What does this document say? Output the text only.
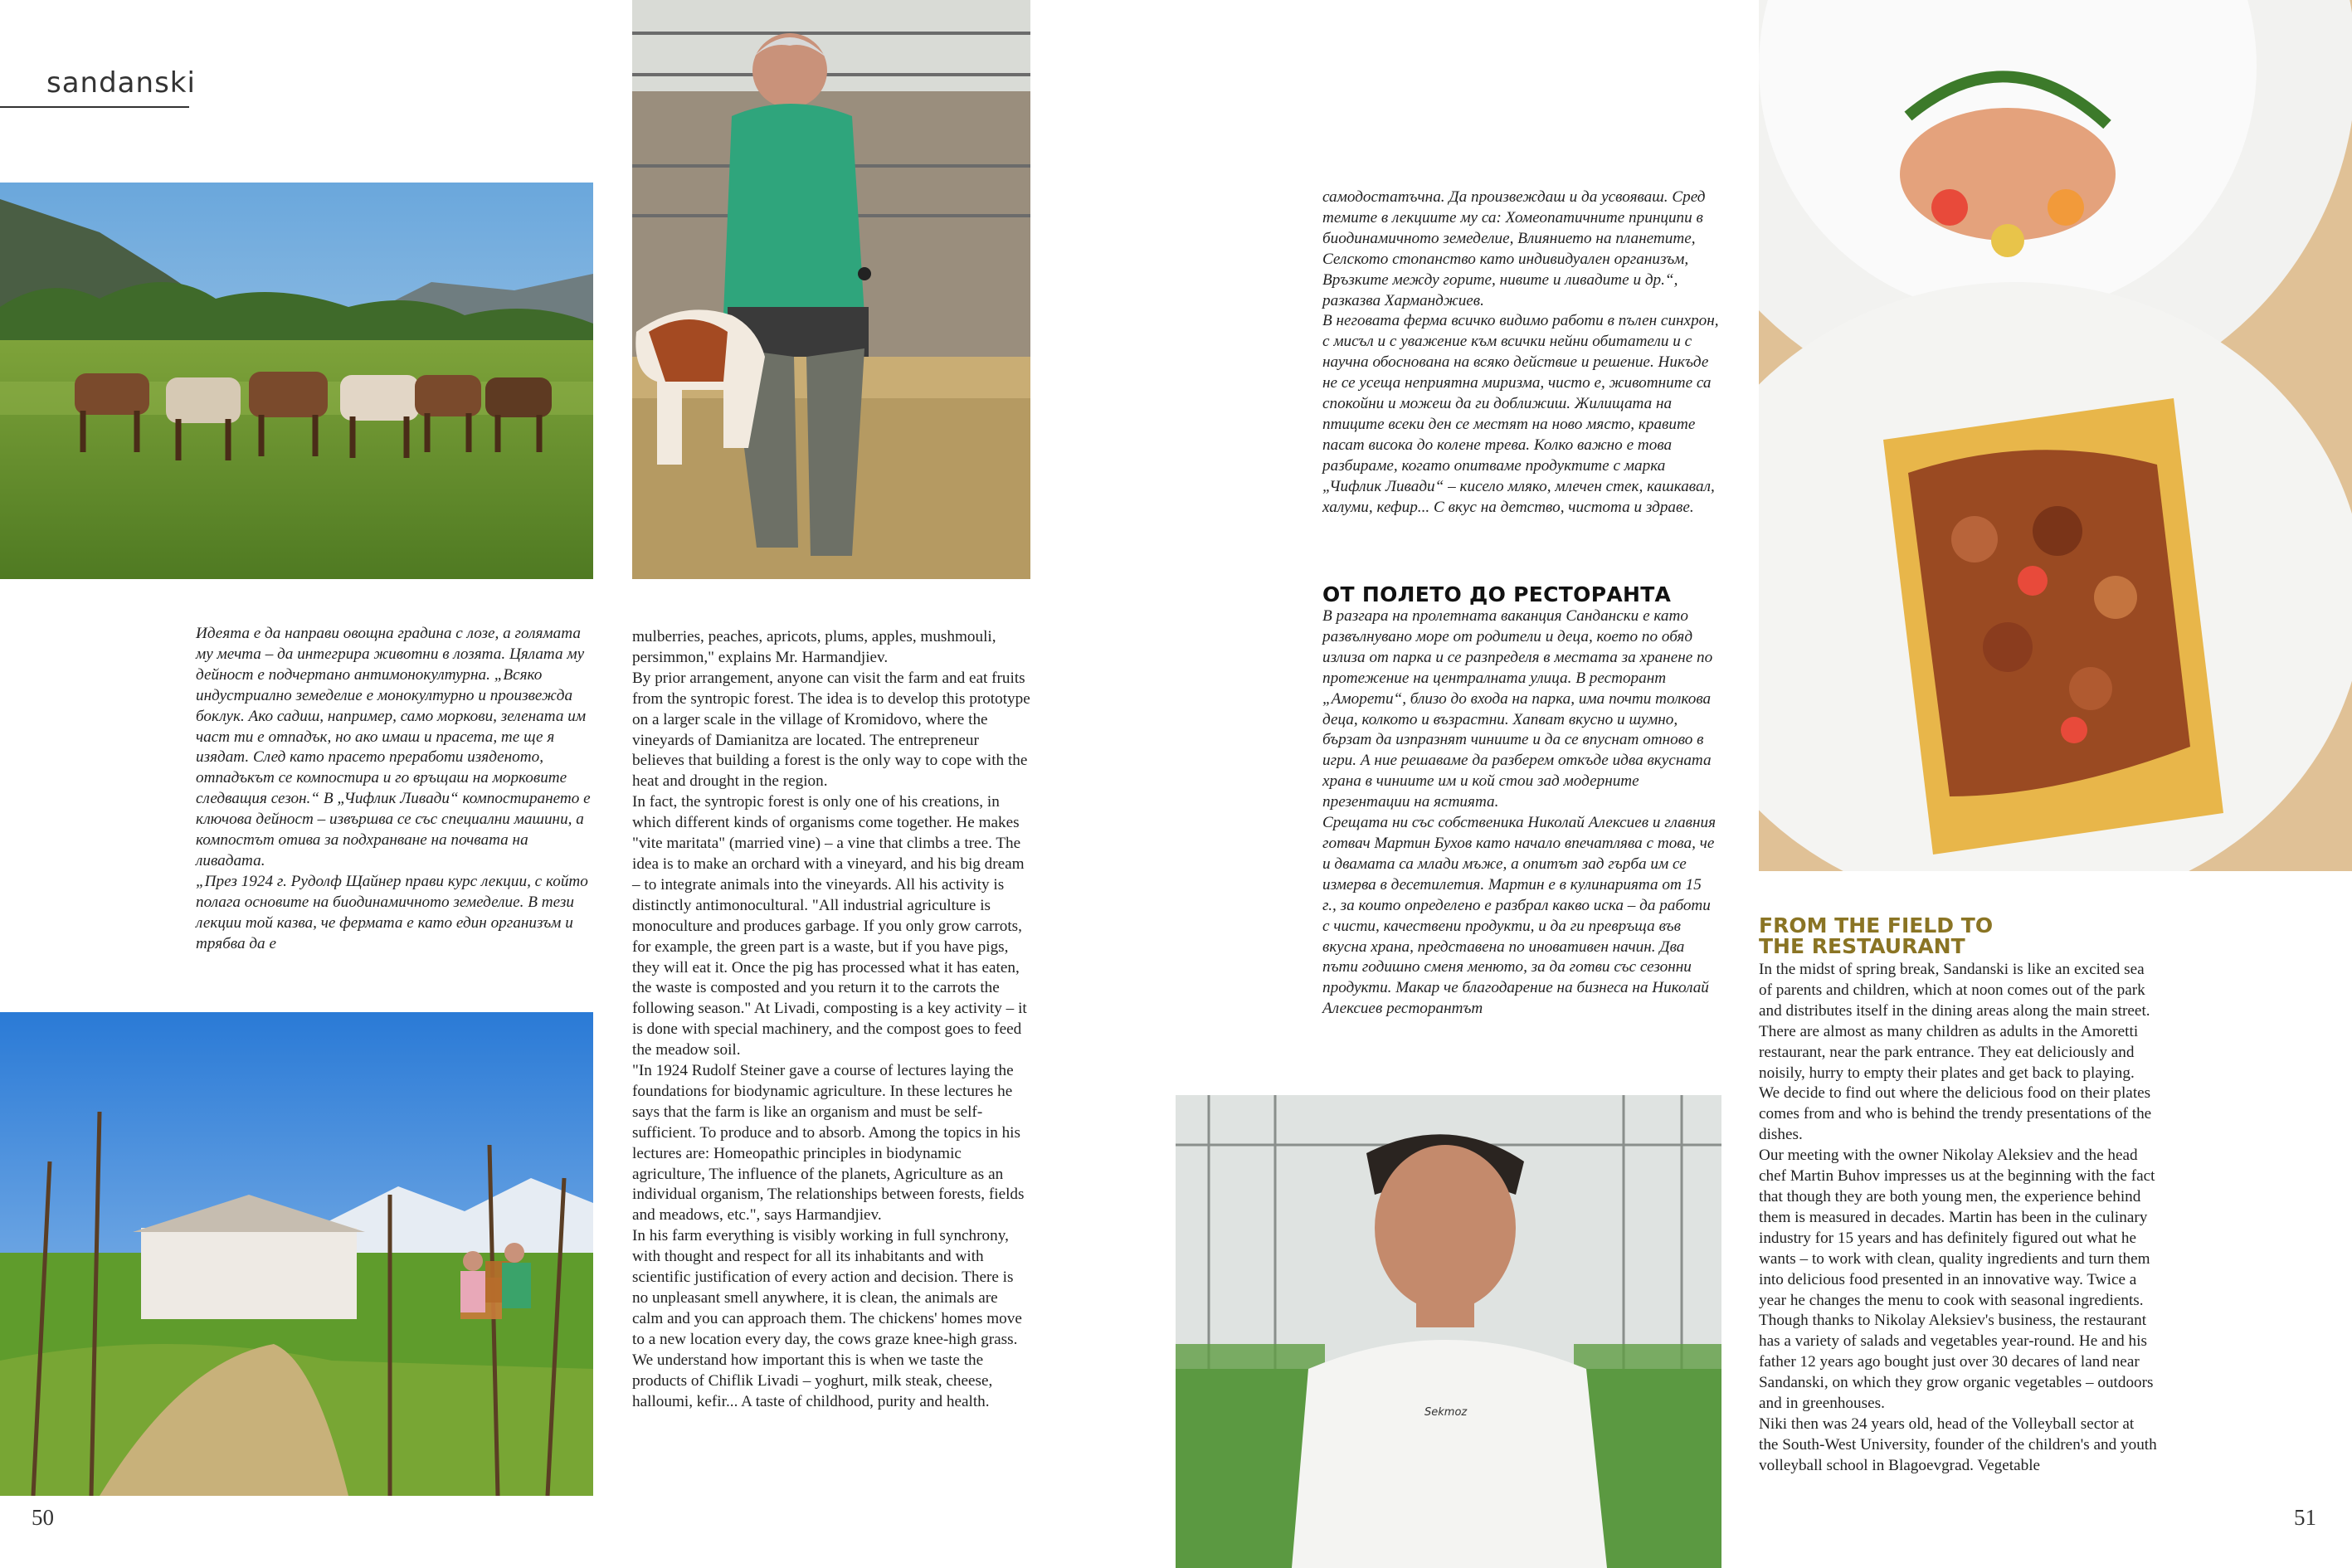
sandanski
Sekmoz

Идеята е да направи овощна градина с лозе, а голямата му мечта – да интегрира животни в лозята. Цялата му дейност е подчертано антимонокултурна. „Всяко индустриално земеделие е монокултурно и произвежда боклук. Ако садиш, например, само моркови, зелената им част ти е отпадък, но ако имаш и прасета, те ще я изядат. След като прасето преработи изяденото, отпадъкът се компостира и го връщаш на морковите следващия сезон.“ В „Чифлик Ливади“ компостирането е ключова дейност – извършва се със специални машини, а компостът отива за подхранване на почвата на ливадата.

„През 1924 г. Рудолф Щайнер прави курс лекции, с който полага основите на биодинамичното земеделие. В тези лекции той казва, че фермата е като един организъм и трябва да е

mulberries, peaches, apricots, plums, apples, mushmouli, persimmon," explains Mr. Harmandjiev.

By prior arrangement, anyone can visit the farm and eat fruits from the syntropic forest. The idea is to develop this prototype on a larger scale in the village of Kromidovo, where the vineyards of Damianitza are located. The entrepreneur believes that building a forest is the only way to cope with the heat and drought in the region.

In fact, the syntropic forest is only one of his creations, in which different kinds of organisms come together. He makes "vite maritata" (married vine) – a vine that climbs a tree. The idea is to make an orchard with a vineyard, and his big dream – to integrate animals into the vineyards. All his activity is distinctly antimonocultural. "All industrial agriculture is monoculture and produces garbage. If you only grow carrots, for example, the green part is a waste, but if you have pigs, they will eat it. Once the pig has processed what it has eaten, the waste is composted and you return it to the carrots the following season." At Livadi, composting is a key activity – it is done with special machinery, and the compost goes to feed the meadow soil.

"In 1924 Rudolf Steiner gave a course of lectures laying the foundations for biodynamic agriculture. In these lectures he says that the farm is like an organism and must be self-sufficient. To produce and to absorb. Among the topics in his lectures are: Homeopathic principles in biodynamic agriculture, The influence of the planets, Agriculture as an individual organism, The relationships between forests, fields and meadows, etc.", says Harmandjiev.

In his farm everything is visibly working in full synchrony, with thought and respect for all its inhabitants and with scientific justification of every action and decision. There is no unpleasant smell anywhere, it is clean, the animals are calm and you can approach them. The chickens' homes move to a new location every day, the cows graze knee-high grass. We understand how important this is when we taste the products of Chiflik Livadi – yoghurt, milk steak, cheese, halloumi, kefir... A taste of childhood, purity and health.

самодостатъчна. Да произвеждаш и да усвояваш. Сред темите в лекциите му са: Хомеопатичните принципи в биодинамичното земеделие, Влиянието на планетите, Селското стопанство като индивидуален организъм, Връзките между горите, нивите и ливадите и др.“, разказва Харманджиев.

В неговата ферма всичко видимо работи в пълен синхрон, с мисъл и с уважение към всички нейни обитатели и с научна обоснована на всяко действие и решение. Никъде не се усеща неприятна миризма, чисто е, животните са спокойни и можеш да ги доближиш. Жилищата на птиците всеки ден се местят на ново място, кравите пасат висока до колене трева. Колко важно е това разбираме, когато опитваме продуктите с марка „Чифлик Ливади“ – кисело мляко, млечен стек, кашкавал, халуми, кефир... С вкус на детство, чистота и здраве.

ОТ ПОЛЕТО ДО РЕСТОРАНТА

В разгара на пролетната ваканция Сандански е като развълнувано море от родители и деца, което по обяд излиза от парка и се разпределя в местата за хранене по протежение на централната улица. В ресторант „Аморети“, близо до входа на парка, има почти толкова деца, колкото и възрастни. Хапват вкусно и шумно, бързат да изпразнят чиниите и да се впуснат отново в игри. А ние решаваме да разберем откъде идва вкусната храна в чиниите им и кой стои зад модерните презентации на ястията.

Срещата ни със собственика Николай Алексиев и главния готвач Мартин Бухов като начало впечатлява с това, че и двамата са млади мъже, а опитът зад гърба им се измерва в десетилетия. Мартин е в кулинарията от 15 г., за които определено е разбрал какво иска – да работи с чисти, качествени продукти, и да ги превръща във вкусна храна, представена по иновативен начин. Два пъти годишно сменя менюто, за да готви със сезонни продукти. Макар че благодарение на бизнеса на Николай Алексиев ресторантът

FROM THE FIELD TO THE RESTAURANT

In the midst of spring break, Sandanski is like an excited sea of parents and children, which at noon comes out of the park and distributes itself in the dining areas along the main street. There are almost as many children as adults in the Amoretti restaurant, near the park entrance. They eat deliciously and noisily, hurry to empty their plates and get back to playing. We decide to find out where the delicious food on their plates comes from and who is behind the trendy presentations of the dishes.

Our meeting with the owner Nikolay Aleksiev and the head chef Martin Buhov impresses us at the beginning with the fact that though they are both young men, the experience behind them is measured in decades. Martin has been in the culinary industry for 15 years and has definitely figured out what he wants – to work with clean, quality ingredients and turn them into delicious food presented in an innovative way. Twice a year he changes the menu to cook with seasonal ingredients. Though thanks to Nikolay Aleksiev's business, the restaurant has a variety of salads and vegetables year-round. He and his father 12 years ago bought just over 30 decares of land near Sandanski, on which they grow organic vegetables – outdoors and in greenhouses.

Niki then was 24 years old, head of the Volleyball sector at the South-West University, founder of the children's and youth volleyball school in Blagoevgrad. Vegetable

50	51
